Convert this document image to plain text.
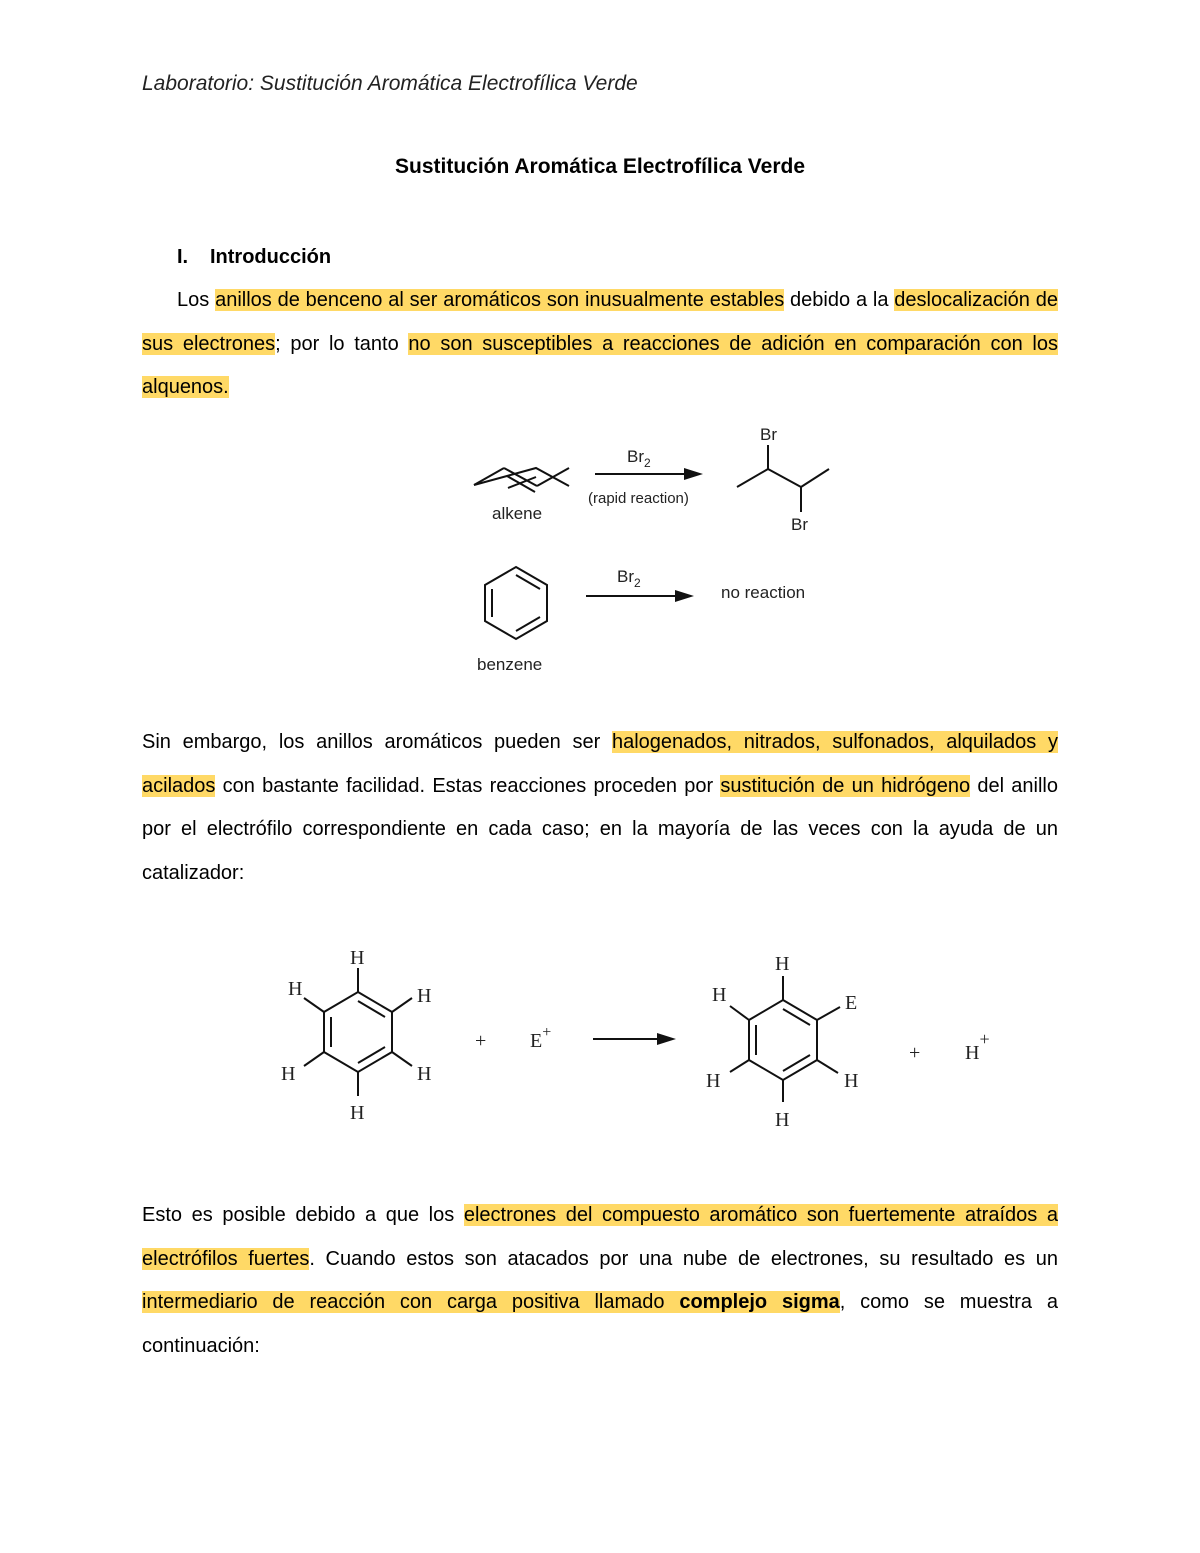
Laboratorio: Sustitución Aromática Electrofílica Verde
Sustitución Aromática Electrofílica Verde
I. Introducción

Los anillos de benceno al ser aromáticos son inusualmente estables debido a la deslocalización de sus electrones; por lo tanto no son susceptibles a reacciones de adición en comparación con los alquenos.

alkene
$Br_2$
(rapid reaction)
Br
Br
benzene
$Br_2$	no reaction

Sin embargo, los anillos aromáticos pueden ser halogenados, nitrados, sulfonados, alquilados y acilados con bastante facilidad. Estas reacciones proceden por sustitución de un hidrógeno del anillo por el electrófilo correspondiente en cada caso; en la mayoría de las veces con la ayuda de un catalizador:

H
H
H
H
H
H
+ E+
H
E
H
H
H
H
+ H+

Esto es posible debido a que los electrones del compuesto aromático son fuertemente atraídos a electrófilos fuertes. Cuando estos son atacados por una nube de electrones, su resultado es un intermediario de reacción con carga positiva llamado complejo sigma, como se muestra a continuación:
